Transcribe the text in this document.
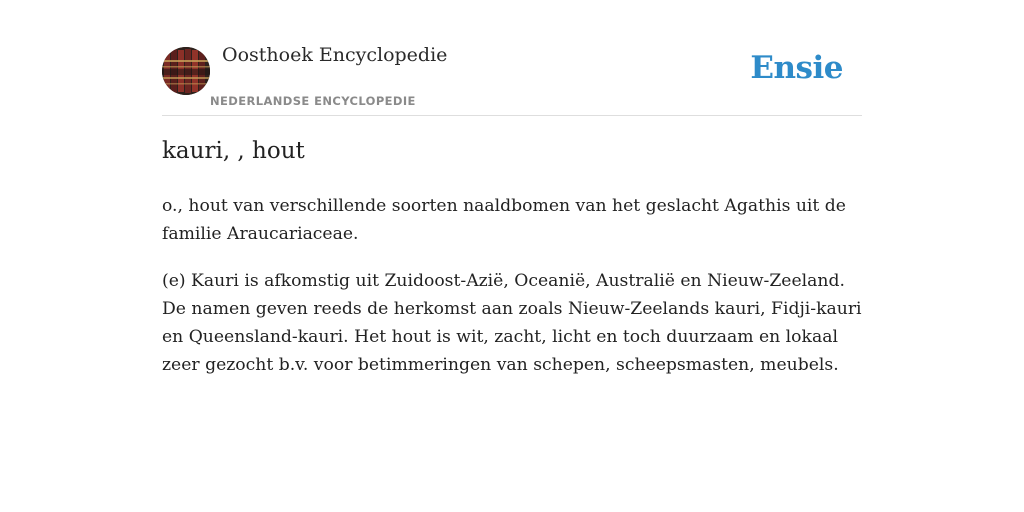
Oosthoek Encyclopedie
NEDERLANDSE ENCYCLOPEDIE
Ensie
kauri, , hout

o., hout van verschillende soorten naaldbomen van het geslacht Agathis uit de familie Araucariaceae.

(e) Kauri is afkomstig uit Zuidoost-Azië, Oceanië, Australië en Nieuw-Zeeland. De namen geven reeds de herkomst aan zoals Nieuw-Zeelands kauri, Fidji-kauri en Queensland-kauri. Het hout is wit, zacht, licht en toch duurzaam en lokaal zeer gezocht b.v. voor betimmeringen van schepen, scheepsmasten, meubels.
